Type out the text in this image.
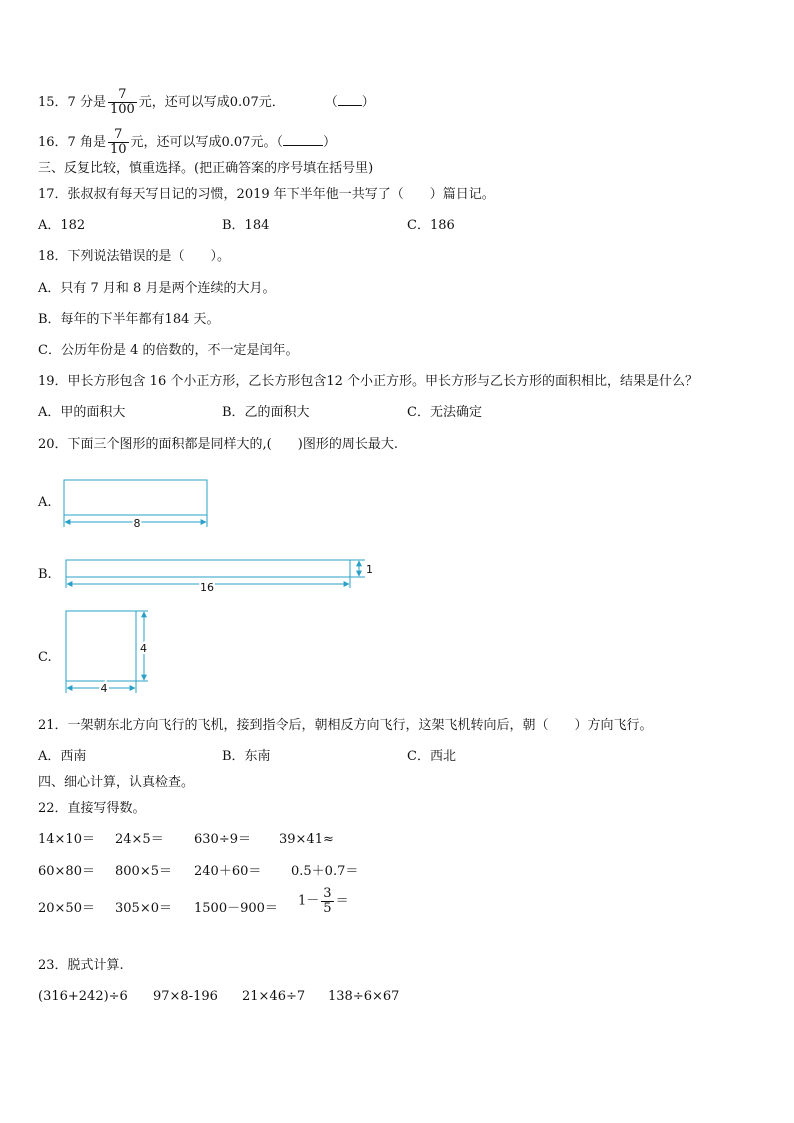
15．7 分是 $\frac{7}{100}$ 元，还可以写成0.07元．	（ ）
16．7 角是 $\frac{7}{10}$ 元，还可以写成0.07元。（	）
三、反复比较，慎重选择。(把正确答案的序号填在括号里)
17．张叔叔有每天写日记的习惯，2019 年下半年他一共写了（　　）篇日记。
A．182	B．184	C．186
18．下列说法错误的是（　　）。
A．只有 7 月和 8 月是两个连续的大月。
B．每年的下半年都有184 天。
C．公历年份是 4 的倍数的，不一定是闰年。
19．甲长方形包含 16 个小正方形，乙长方形包含12 个小正方形。甲长方形与乙长方形的面积相比，结果是什么？
A．甲的面积大	B．乙的面积大	C．无法确定
20．下面三个图形的面积都是同样大的,(　　)图形的周长最大.
A.
B.
C.
8
16
1
4
4
21．一架朝东北方向飞行的飞机，接到指令后，朝相反方向飞行，这架飞机转向后，朝（　　）方向飞行。
A．西南	B．东南	C．西北
四、细心计算，认真检查。
22．直接写得数。
14×10＝ 24×5＝ 630÷9＝ 39×41≈
60×80＝ 800×5＝ 240＋60＝ 0.5＋0.7＝
$20\times 50= 305\times 0= 1500-900= 1- \frac{3}{5}$ ＝
23．脱式计算.
(316+242)÷6 97×8-196 21×46÷7 138÷6×67
